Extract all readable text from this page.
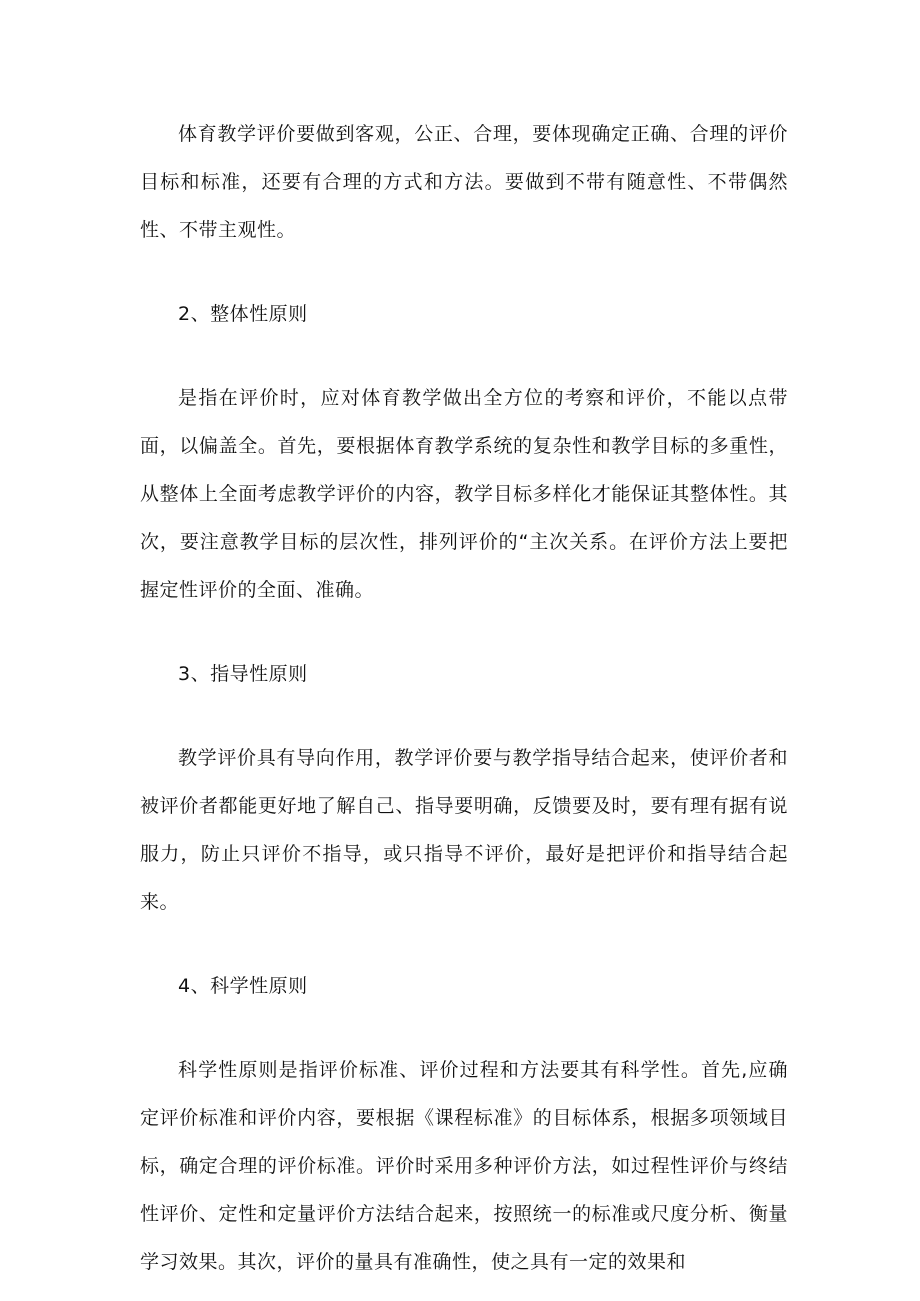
体育教学评价要做到客观，公正、合理，要体现确定正确、合理的评价目标和标准，还要有合理的方式和方法。要做到不带有随意性、不带偶然性、不带主观性。

2、整体性原则

是指在评价时，应对体育教学做出全方位的考察和评价，不能以点带面，以偏盖全。首先，要根据体育教学系统的复杂性和教学目标的多重性，从整体上全面考虑教学评价的内容，教学目标多样化才能保证其整体性。其次，要注意教学目标的层次性，排列评价的“主次关系。在评价方法上要把握定性评价的全面、准确。

3、指导性原则

教学评价具有导向作用，教学评价要与教学指导结合起来，使评价者和被评价者都能更好地了解自己、指导要明确，反馈要及时，要有理有据有说服力，防止只评价不指导，或只指导不评价，最好是把评价和指导结合起来。

4、科学性原则

科学性原则是指评价标准、评价过程和方法要其有科学性。首先,应确定评价标准和评价内容，要根据《课程标准》的目标体系，根据多项领域目标，确定合理的评价标准。评价时采用多种评价方法，如过程性评价与终结性评价、定性和定量评价方法结合起来，按照统一的标准或尺度分析、衡量学习效果。其次，评价的量具有准确性，使之具有一定的效果和
